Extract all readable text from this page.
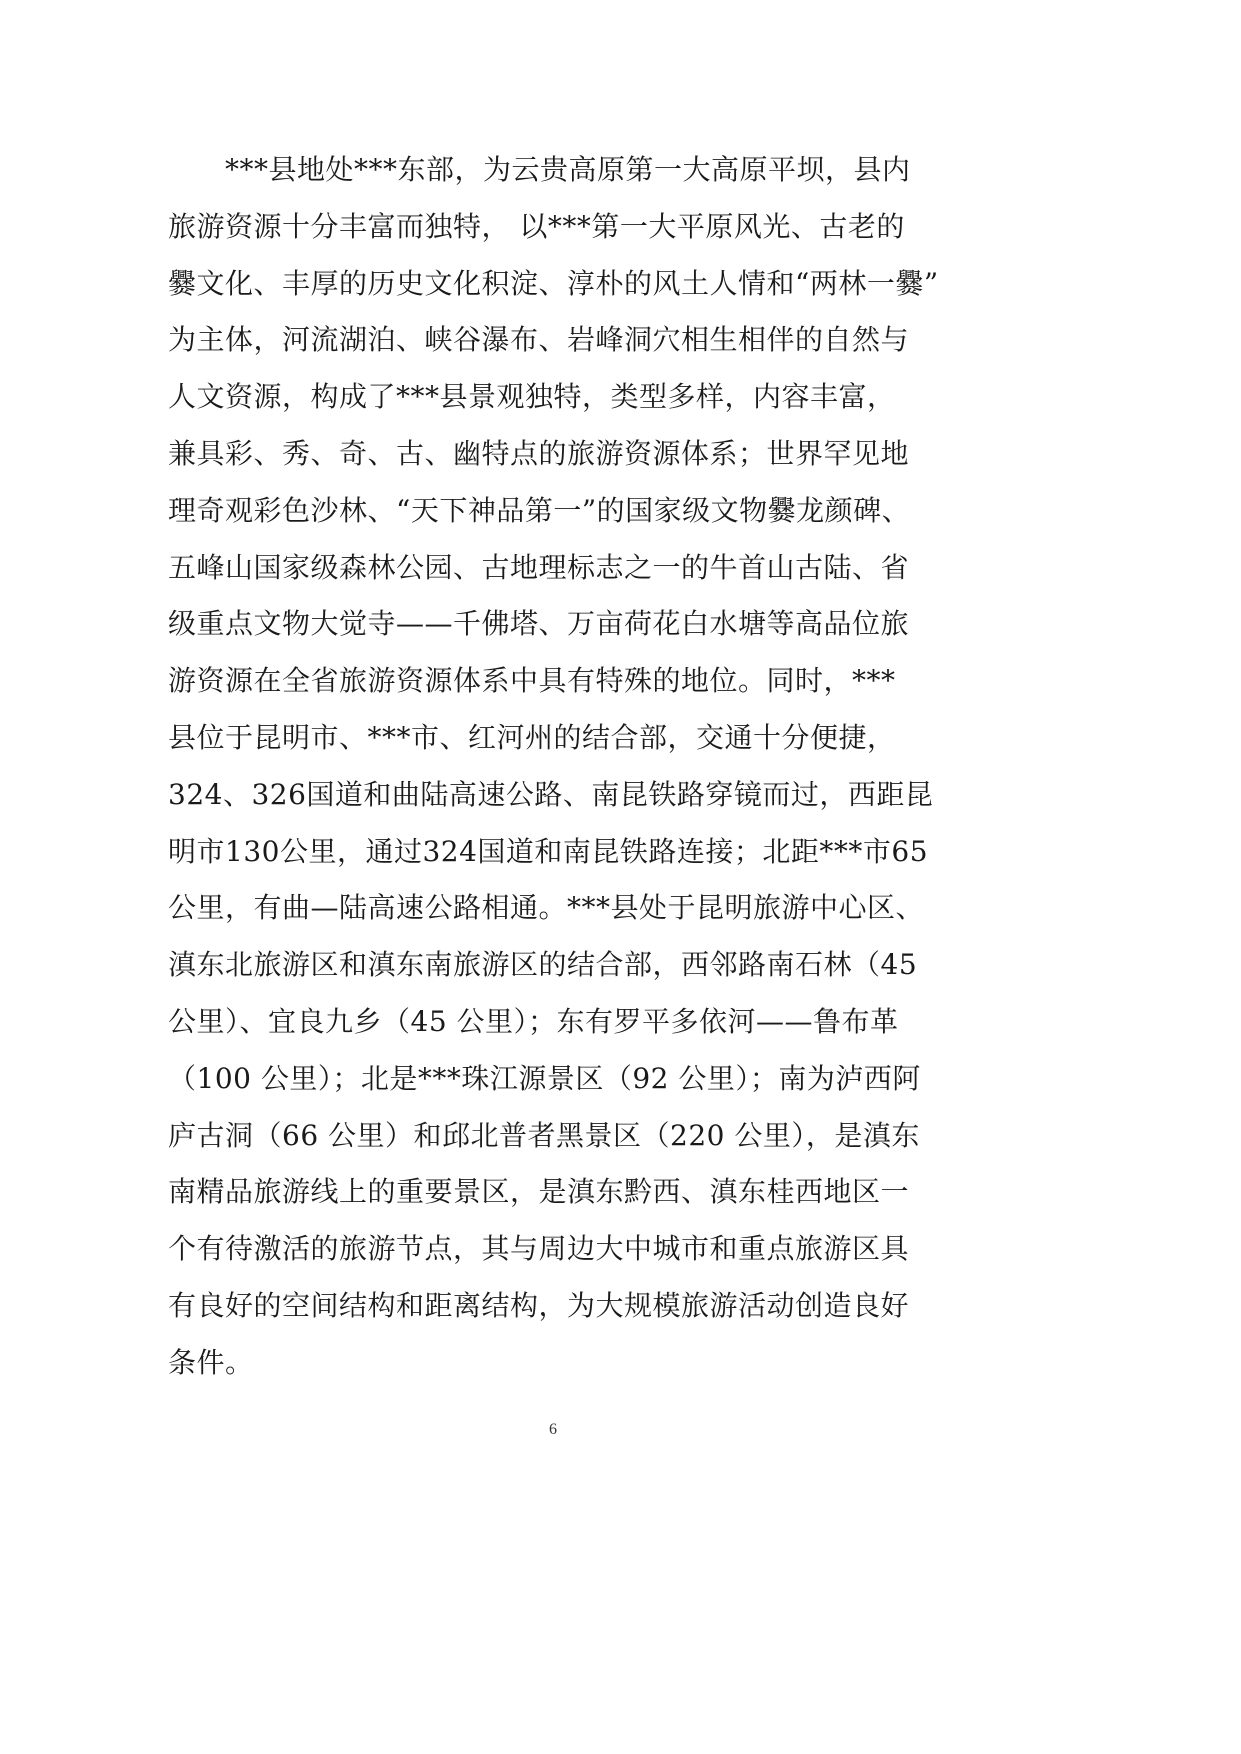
　　***县地处***东部，为云贵高原第一大高原平坝，县内
旅游资源十分丰富而独特， 以***第一大平原风光、古老的
爨文化、丰厚的历史文化积淀、淳朴的风土人情和“两林一爨”
为主体，河流湖泊、峡谷瀑布、岩峰洞穴相生相伴的自然与
人文资源，构成了***县景观独特，类型多样，内容丰富，
兼具彩、秀、奇、古、幽特点的旅游资源体系；世界罕见地
理奇观彩色沙林、“天下神品第一”的国家级文物爨龙颜碑、
五峰山国家级森林公园、古地理标志之一的牛首山古陆、省
级重点文物大觉寺——千佛塔、万亩荷花白水塘等高品位旅
游资源在全省旅游资源体系中具有特殊的地位。同时，***
县位于昆明市、***市、红河州的结合部，交通十分便捷，
324、326国道和曲陆高速公路、南昆铁路穿镜而过，西距昆
明市130公里，通过324国道和南昆铁路连接；北距***市65
公里，有曲—陆高速公路相通。***县处于昆明旅游中心区、
滇东北旅游区和滇东南旅游区的结合部，西邻路南石林（45
公里）、宜良九乡（45 公里）；东有罗平多依河——鲁布革
（100 公里）；北是***珠江源景区（92 公里）；南为泸西阿
庐古洞（66 公里）和邱北普者黑景区（220 公里），是滇东
南精品旅游线上的重要景区，是滇东黔西、滇东桂西地区一
个有待激活的旅游节点，其与周边大中城市和重点旅游区具
有良好的空间结构和距离结构，为大规模旅游活动创造良好
条件。
6
